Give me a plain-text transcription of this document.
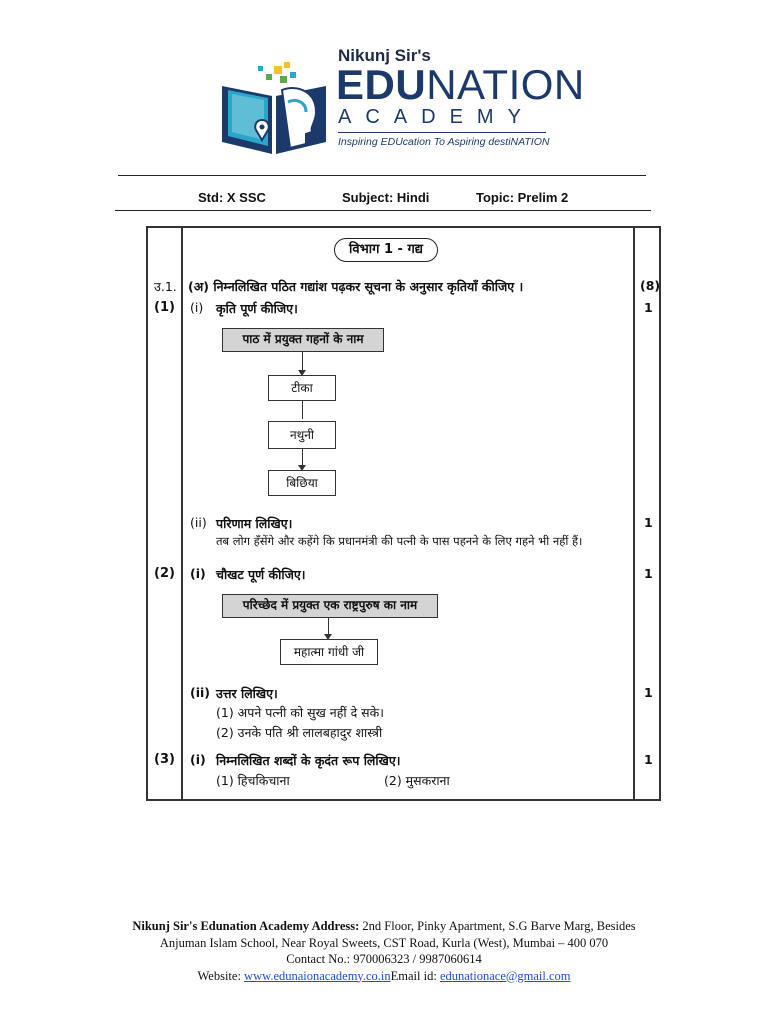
Nikunj Sir's
EDUNATION
ACADEMY
Inspiring EDUcation To Aspiring destiNATION
Std: X SSC	Subject: Hindi	Topic: Prelim 2
विभाग 1 - गद्य
उ.1. (अ) निम्नलिखित पठित गद्यांश पढ़कर सूचना के अनुसार कृतियाँ कीजिए ।	(8)
(1) (i) कृति पूर्ण कीजिए।	1
पाठ में प्रयुक्त गहनों के नाम
टीका
नथुनी
बिछिया
(ii) परिणाम लिखिए।	1
तब लोग हँसेंगे और कहेंगे कि प्रधानमंत्री की पत्नी के पास पहनने के लिए गहने भी नहीं हैं।
(2) (i) चौखट पूर्ण कीजिए।	1
परिच्छेद में प्रयुक्त एक राष्ट्रपुरुष का नाम
महात्मा गांधी जी
(ii) उत्तर लिखिए।	1
(1) अपने पत्नी को सुख नहीं दे सके।
(2) उनके पति श्री लालबहादुर शास्त्री
(3) (i) निम्नलिखित शब्दों के कृदंत रूप लिखिए।	1
(1) हिचकिचाना	(2) मुसकराना
Nikunj Sir's Edunation Academy Address: 2nd Floor, Pinky Apartment, S.G Barve Marg, Besides
Anjuman Islam School, Near Royal Sweets, CST Road, Kurla (West), Mumbai – 400 070
Contact No.: 970006323 / 9987060614
Website: www.edunaionacademy.co.inEmail id: edunationace@gmail.com
